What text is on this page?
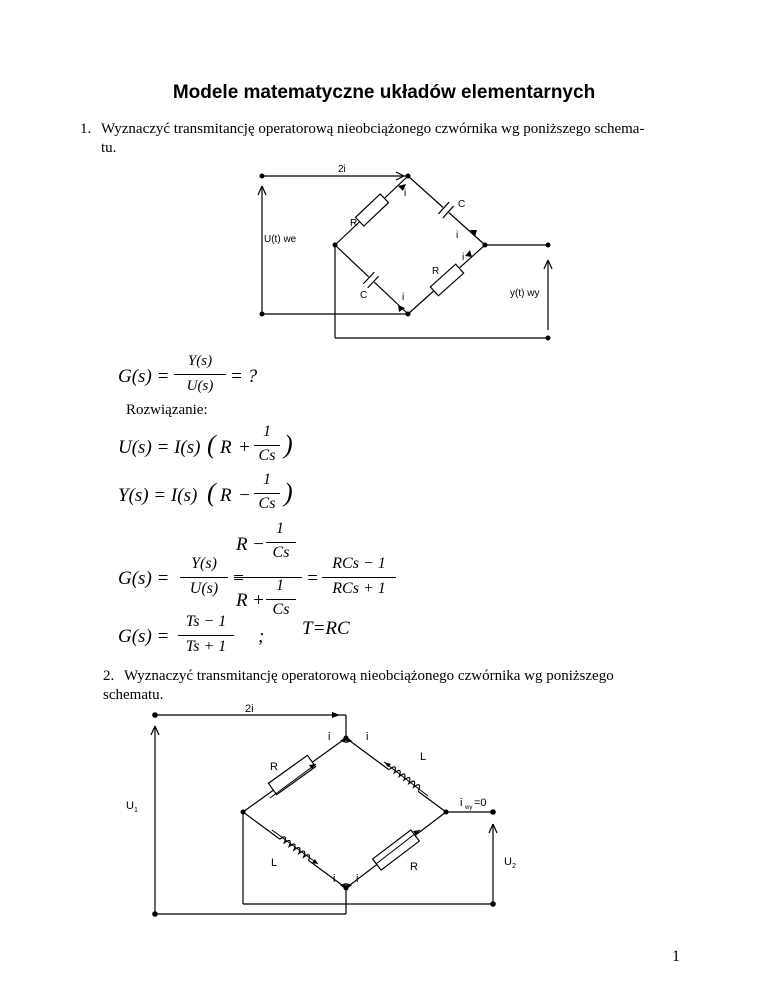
Modele matematyczne układów elementarnych
1. Wyznaczyć transmitancję operatorową nieobciążonego czwórnika wg poniższego schema-
tu.
2i
U(t) we
y(t) wy
R
C
R
C
i
i
i
i
G(s) =
Y(s)
U(s) = ?
Rozwiązanie:
U(s) = I(s) ( R +
1
Cs )
Y(s) = I(s) ( R −
1
Cs )
G(s) =
Y(s)
U(s) =
1
R − Cs
1
R + Cs
=
RCs − 1
RCs + 1
G(s) =
Ts − 1
Ts + 1	; T=RC
2. Wyznaczyć transmitancję operatorową nieobciążonego czwórnika wg poniższego
schematu.
2i
U 1
U 2
R
L
L	R
i wy =0
i	i
i i
1
